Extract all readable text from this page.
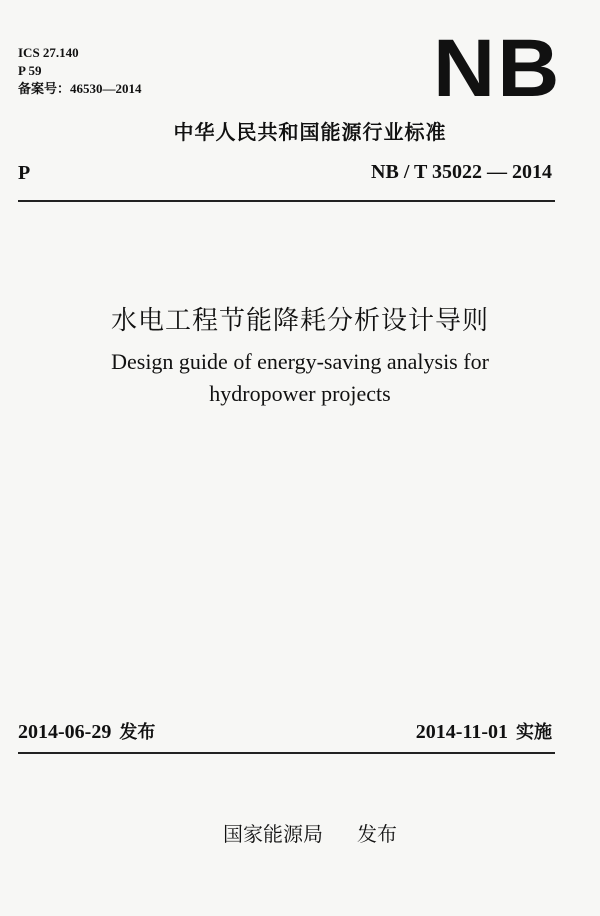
ICS 27.140
P 59
备案号：46530—2014	NB
中华人民共和国能源行业标准
P	NB / T 35022 — 2014
水电工程节能降耗分析设计导则
Design guide of energy-saving analysis for
hydropower projects
2014-06-29 发布	2014-11-01 实施
国家能源局 发布
